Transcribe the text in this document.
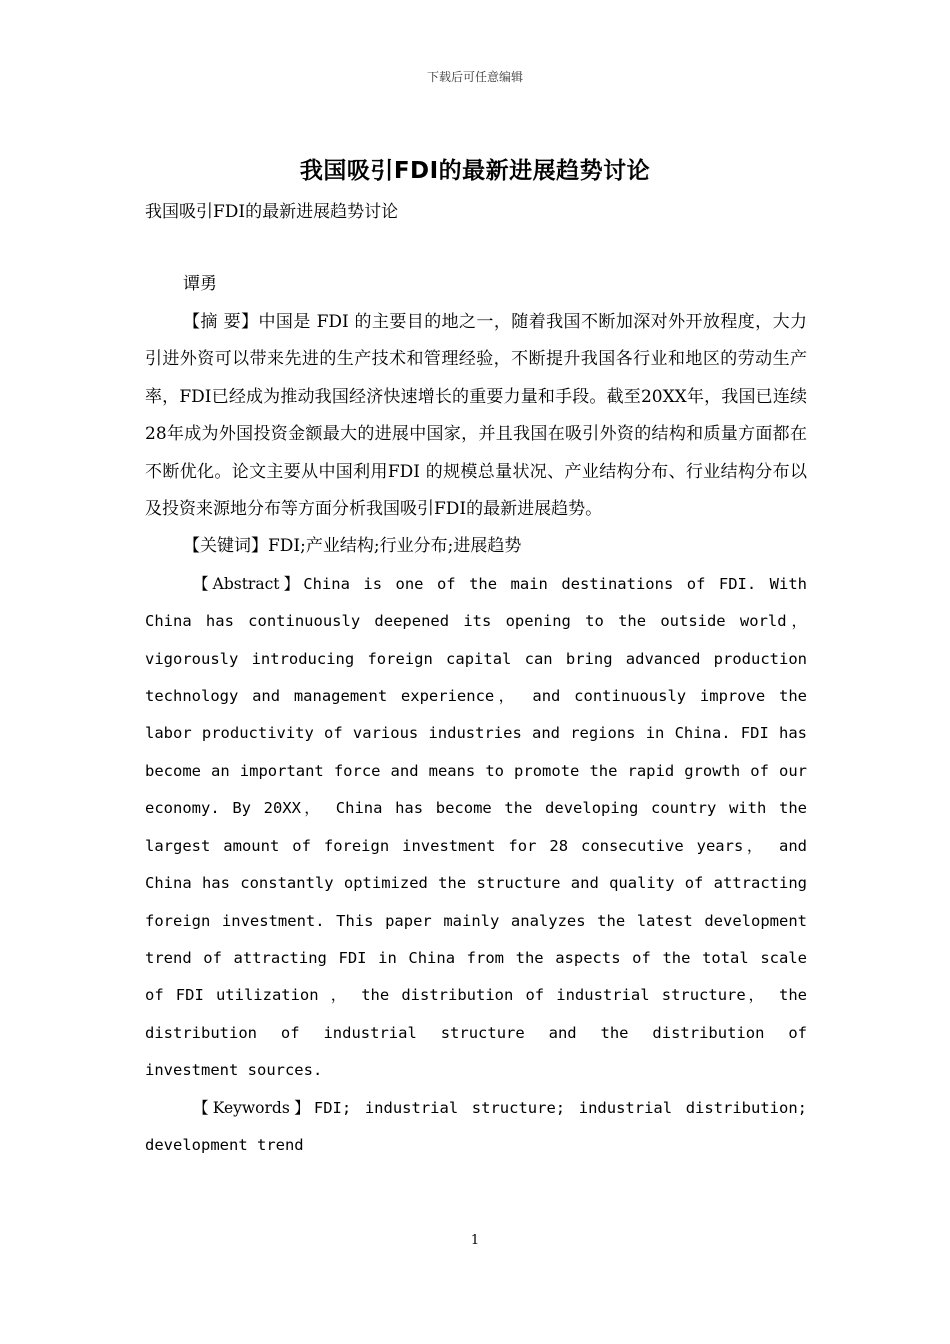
下载后可任意编辑
我国吸引FDI的最新进展趋势讨论

我国吸引FDI的最新进展趋势讨论

谭勇

【摘 要】中国是 FDI 的主要目的地之一，随着我国不断加深对外开放程度，大力引进外资可以带来先进的生产技术和管理经验，不断提升我国各行业和地区的劳动生产率，FDI已经成为推动我国经济快速增长的重要力量和手段。截至20XX年，我国已连续28年成为外国投资金额最大的进展中国家，并且我国在吸引外资的结构和质量方面都在不断优化。论文主要从中国利用FDI 的规模总量状况、产业结构分布、行业结构分布以及投资来源地分布等方面分析我国吸引FDI的最新进展趋势。

【关键词】FDI;产业结构;行业分布;进展趋势

【Abstract】China is one of the main destinations of FDI. With China has continuously deepened its opening to the outside world， vigorously introducing foreign capital can bring advanced production technology and management experience， and continuously improve the labor productivity of various industries and regions in China. FDI has become an important force and means to promote the rapid growth of our economy. By 20XX， China has become the developing country with the largest amount of foreign investment for 28 consecutive years， and China has constantly optimized the structure and quality of attracting foreign investment. This paper mainly analyzes the latest development trend of attracting FDI in China from the aspects of the total scale of FDI utilization ， the distribution of industrial structure， the distribution of industrial structure and the distribution of investment sources.

【Keywords】FDI; industrial structure; industrial distribution; development trend

1
